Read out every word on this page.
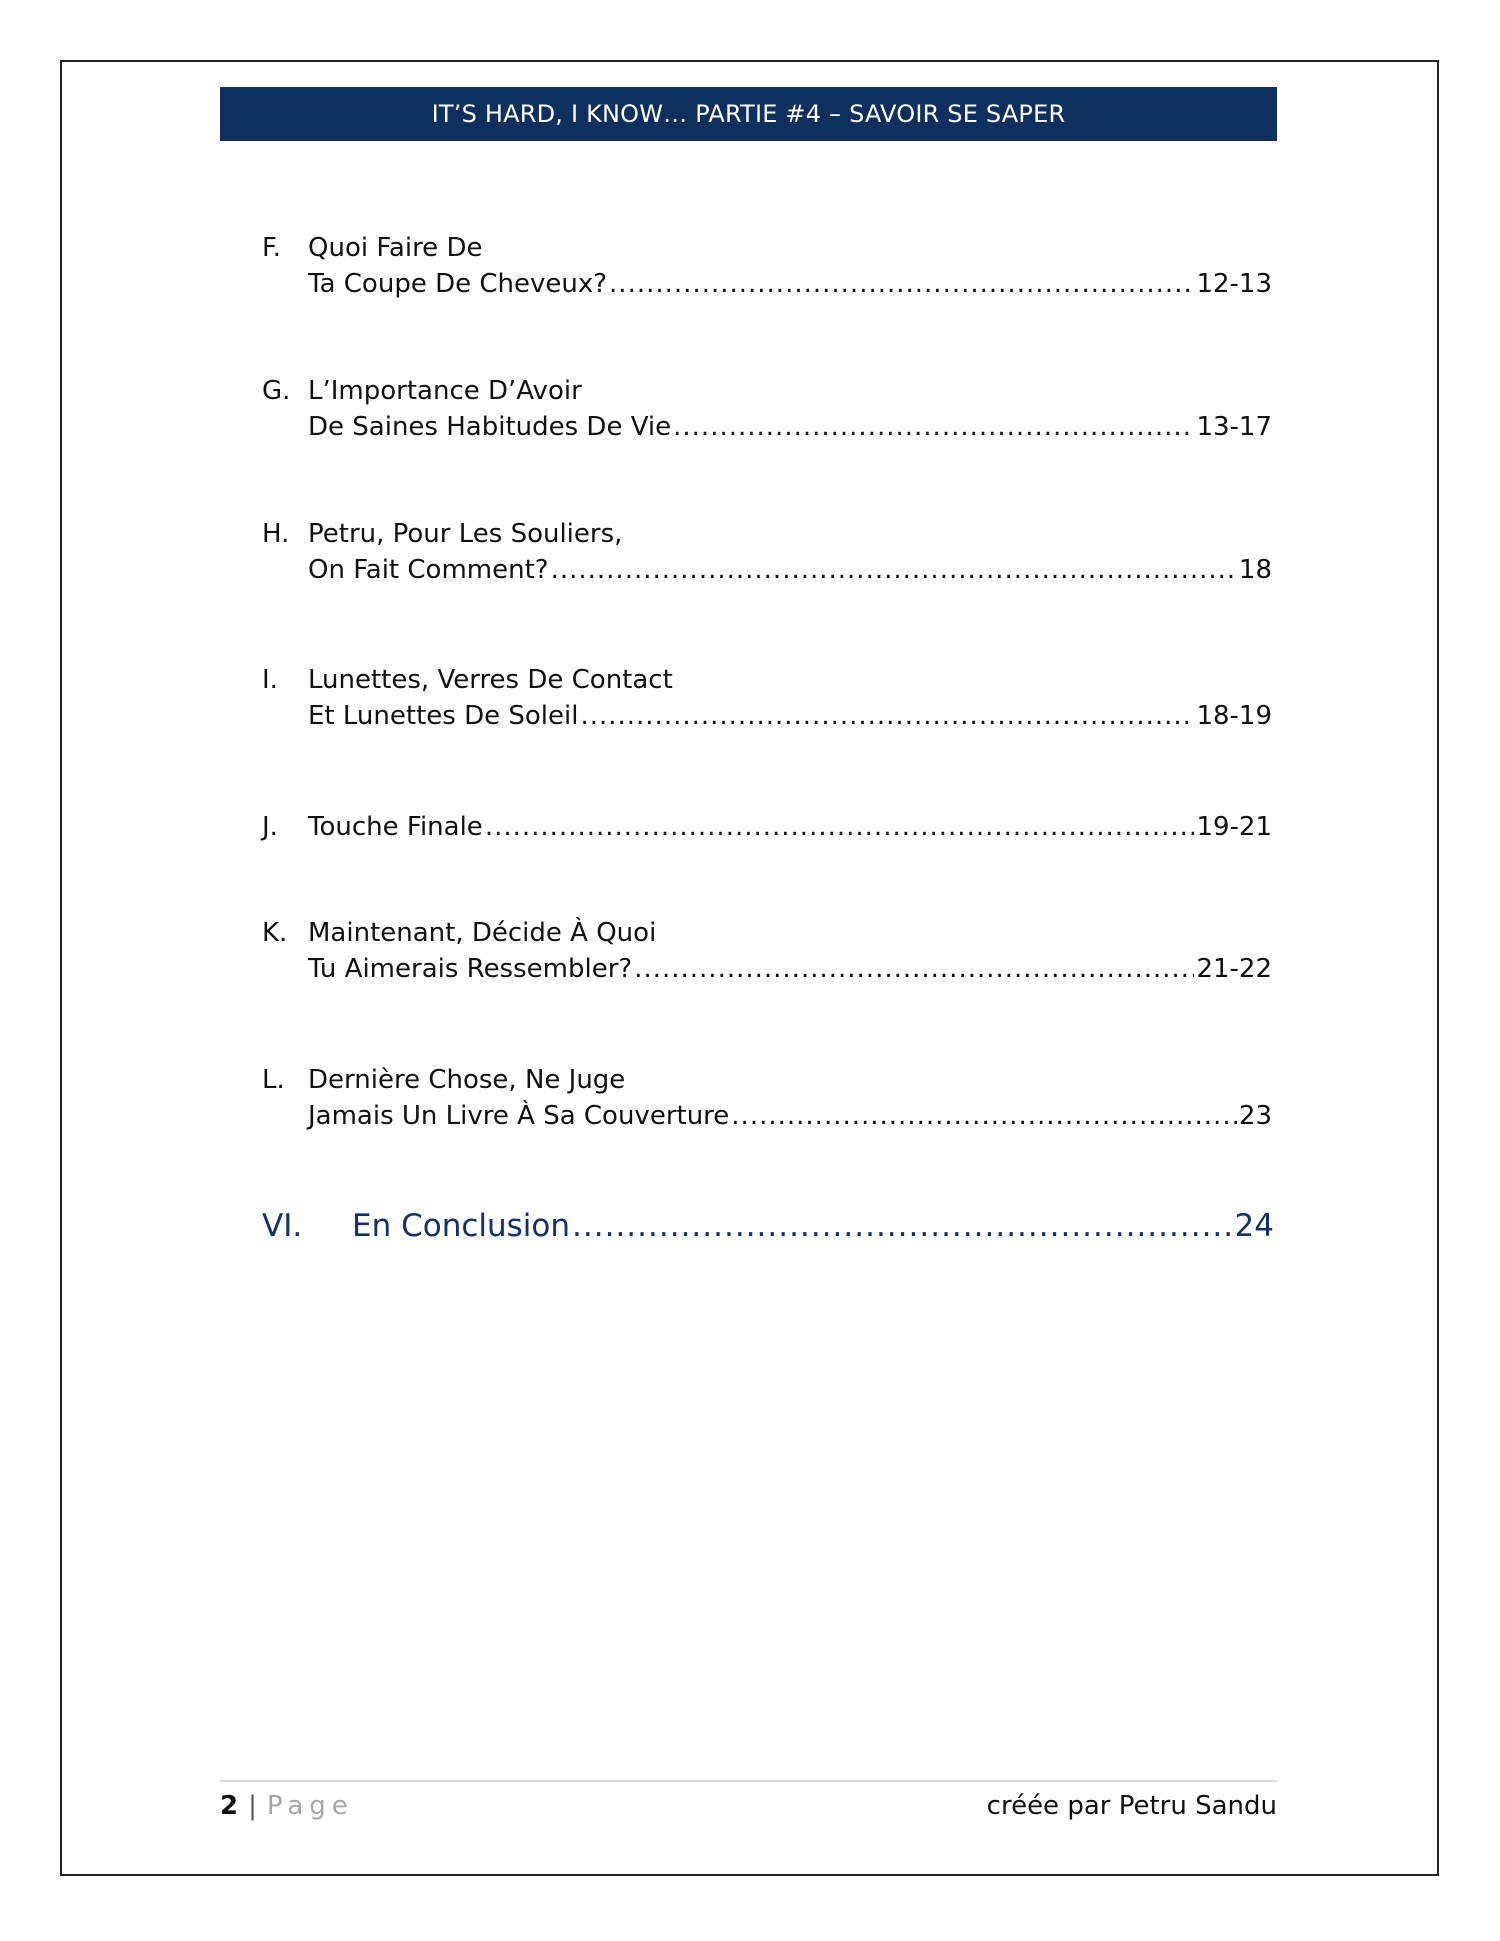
IT’S HARD, I KNOW… PARTIE #4 – SAVOIR SE SAPER
F. Quoi Faire De
Ta Coupe De Cheveux? .....	12-13
G. L’Importance D’Avoir
De Saines Habitudes De Vie .....	13-17
H. Petru, Pour Les Souliers,
On Fait Comment? .....	18
I. Lunettes, Verres De Contact
Et Lunettes De Soleil .....	18-19
J. Touche Finale .....	19-21
K. Maintenant, Décide À Quoi
Tu Aimerais Ressembler? .....	21-22
L. Dernière Chose, Ne Juge
Jamais Un Livre À Sa Couverture .....	23
VI.	En Conclusion .....	24
2 | Page	créée par Petru Sandu
